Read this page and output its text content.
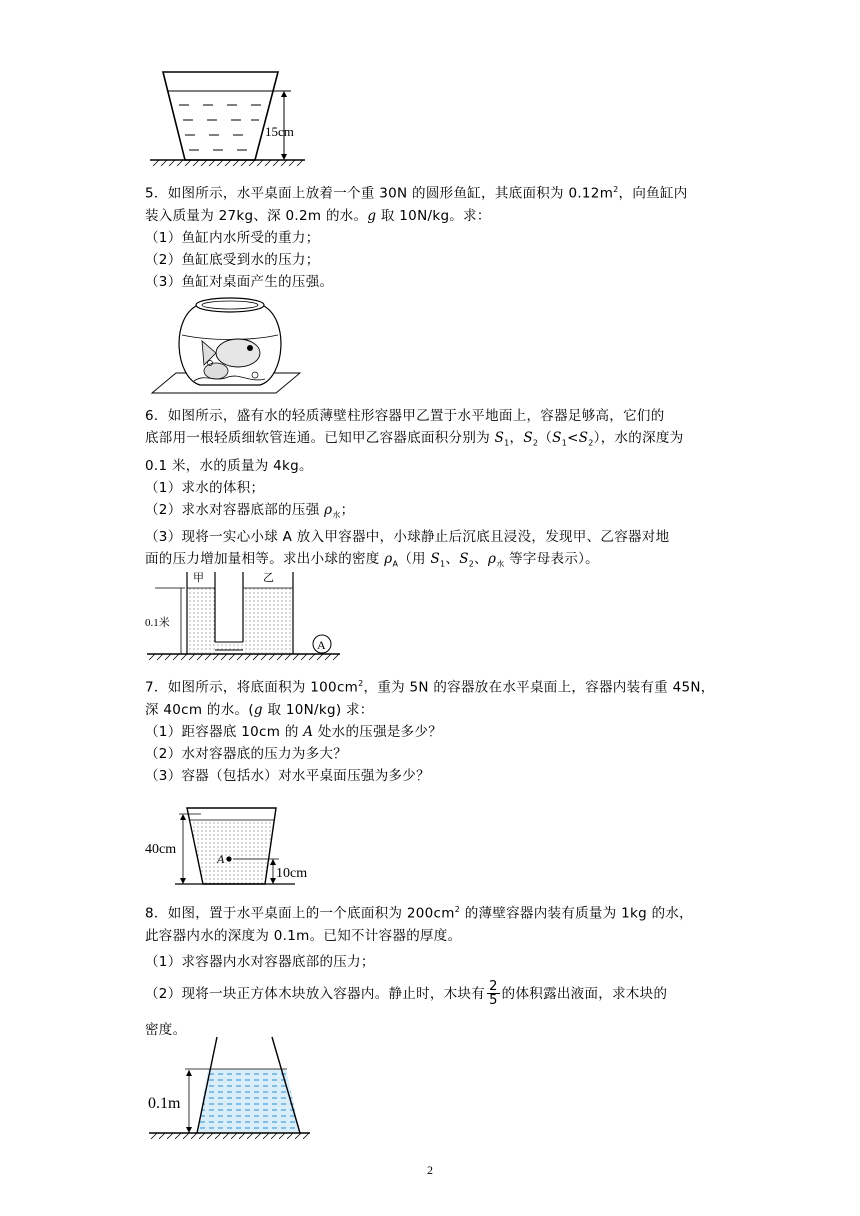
15cm
5．如图所示，水平桌面上放着一个重 30N 的圆形鱼缸，其底面积为 $0.12m^2$，向鱼缸内
装入质量为 27kg、深 0.2m 的水。g 取 10N/kg。求：
（1）鱼缸内水所受的重力；
（2）鱼缸底受到水的压力；
（3）鱼缸对桌面产生的压强。
6．如图所示，盛有水的轻质薄壁柱形容器甲乙置于水平地面上，容器足够高，它们的
底部用一根轻质细软管连通。已知甲乙容器底面积分别为 $S_1$，$S_2(S_1<S_2)$，水的深度为
0.1 米，水的质量为 4kg。
（1）求水的体积；
（2）求水对容器底部的压强 $\rho_水$；
（3）现将一实心小球 A 放入甲容器中，小球静止后沉底且浸没，发现甲、乙容器对地
面的压力增加量相等。求出小球的密度 $\rho_A$（用 $S_1$、$S_2$、$\rho_水$ 等字母表示）。
A
甲	乙
0.1米
7．如图所示，将底面积为 $100cm^2$，重为 5N 的容器放在水平桌面上，容器内装有重 45N，
深 40cm 的水。(g 取 10N/kg) 求：
（1）距容器底 10cm 的 A 处水的压强是多少？
（2）水对容器底的压力为多大？
（3）容器（包括水）对水平桌面压强为多少？
A
40cm
10cm
8．如图，置于水平桌面上的一个底面积为 $200cm^2$ 的薄壁容器内装有质量为 1kg 的水，
此容器内水的深度为 0.1m。已知不计容器的厚度。
（1）求容器内水对容器底部的压力；
（2）现将一块正方体木块放入容器内。静止时，木块有 $\frac{2}{5}$ 的体积露出液面，求木块的
密度。
0.1m
2
